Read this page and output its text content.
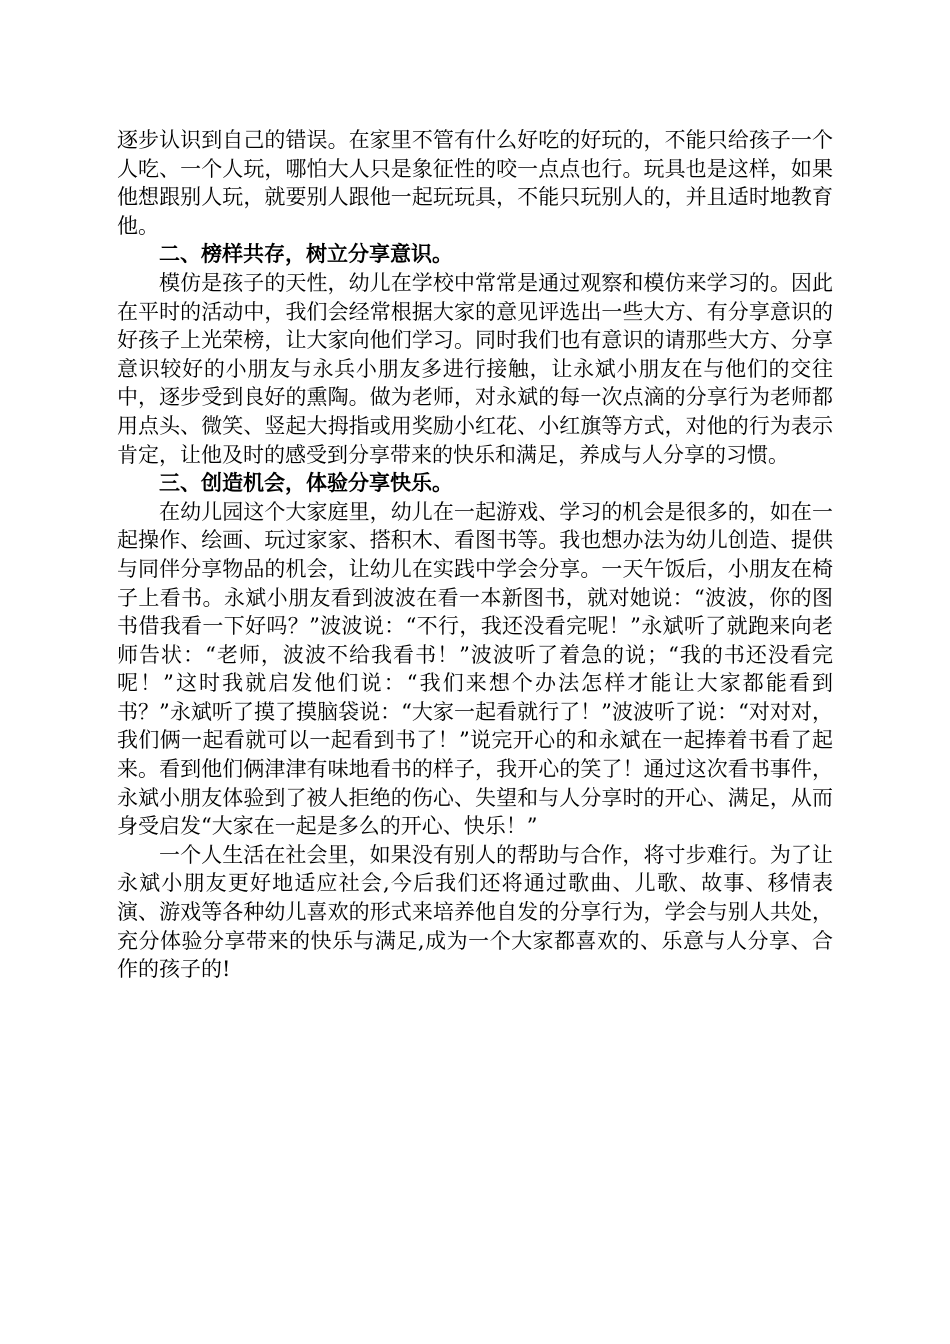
逐步认识到自己的错误。在家里不管有什么好吃的好玩的，不能只给孩子一个人吃、一个人玩，哪怕大人只是象征性的咬一点点也行。玩具也是这样，如果他想跟别人玩，就要别人跟他一起玩玩具，不能只玩别人的，并且适时地教育他。

二、榜样共存，树立分享意识。

模仿是孩子的天性，幼儿在学校中常常是通过观察和模仿来学习的。因此在平时的活动中，我们会经常根据大家的意见评选出一些大方、有分享意识的好孩子上光荣榜，让大家向他们学习。同时我们也有意识的请那些大方、分享意识较好的小朋友与永兵小朋友多进行接触，让永斌小朋友在与他们的交往中，逐步受到良好的熏陶。做为老师，对永斌的每一次点滴的分享行为老师都用点头、微笑、竖起大拇指或用奖励小红花、小红旗等方式，对他的行为表示肯定，让他及时的感受到分享带来的快乐和满足，养成与人分享的习惯。

三、创造机会，体验分享快乐。

在幼儿园这个大家庭里，幼儿在一起游戏、学习的机会是很多的，如在一起操作、绘画、玩过家家、搭积木、看图书等。我也想办法为幼儿创造、提供与同伴分享物品的机会，让幼儿在实践中学会分享。一天午饭后，小朋友在椅子上看书。永斌小朋友看到波波在看一本新图书，就对她说：“波波，你的图书借我看一下好吗？”波波说：“不行，我还没看完呢！”永斌听了就跑来向老师告状：“老师，波波不给我看书！”波波听了着急的说；“我的书还没看完呢！”这时我就启发他们说：“我们来想个办法怎样才能让大家都能看到书？”永斌听了摸了摸脑袋说：“大家一起看就行了！”波波听了说：“对对对，我们俩一起看就可以一起看到书了！”说完开心的和永斌在一起捧着书看了起来。看到他们俩津津有味地看书的样子，我开心的笑了！通过这次看书事件，永斌小朋友体验到了被人拒绝的伤心、失望和与人分享时的开心、满足，从而身受启发“大家在一起是多么的开心、快乐！”

一个人生活在社会里，如果没有别人的帮助与合作，将寸步难行。为了让永斌小朋友更好地适应社会,今后我们还将通过歌曲、儿歌、故事、移情表演、游戏等各种幼儿喜欢的形式来培养他自发的分享行为，学会与别人共处，充分体验分享带来的快乐与满足,成为一个大家都喜欢的、乐意与人分享、合作的孩子的!
